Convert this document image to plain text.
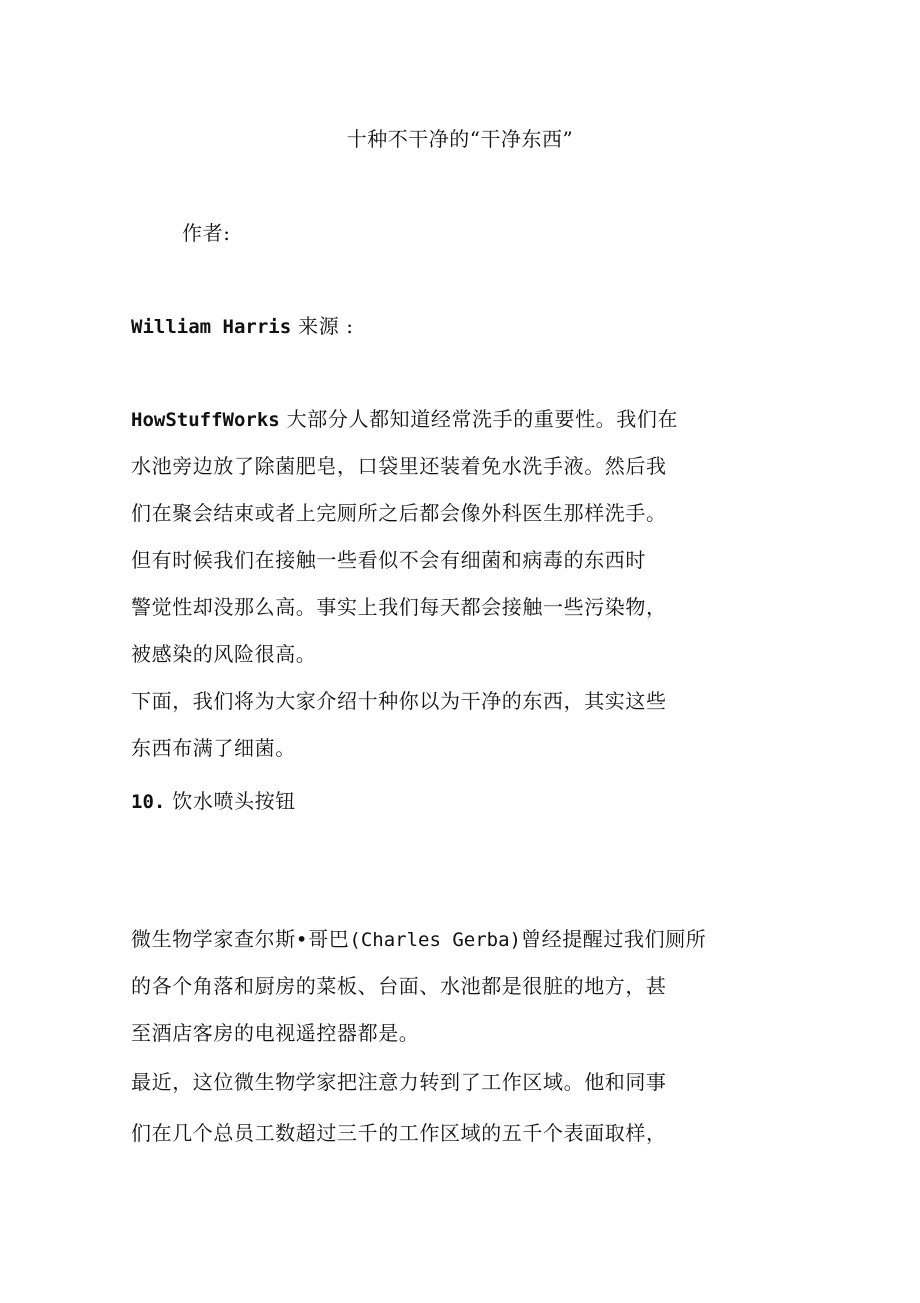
十种不干净的“干净东西”
作者:
William Harris 来源 :
HowStuffWorks 大部分人都知道经常洗手的重要性。我们在
水池旁边放了除菌肥皂，口袋里还装着免水洗手液。然后我
们在聚会结束或者上完厕所之后都会像外科医生那样洗手。
但有时候我们在接触一些看似不会有细菌和病毒的东西时
警觉性却没那么高。事实上我们每天都会接触一些污染物，
被感染的风险很高。
下面，我们将为大家介绍十种你以为干净的东西，其实这些
东西布满了细菌。
10. 饮水喷头按钮
微生物学家查尔斯•哥巴(Charles Gerba)曾经提醒过我们厕所
的各个角落和厨房的菜板、台面、水池都是很脏的地方，甚
至酒店客房的电视遥控器都是。
最近，这位微生物学家把注意力转到了工作区域。他和同事
们在几个总员工数超过三千的工作区域的五千个表面取样，
